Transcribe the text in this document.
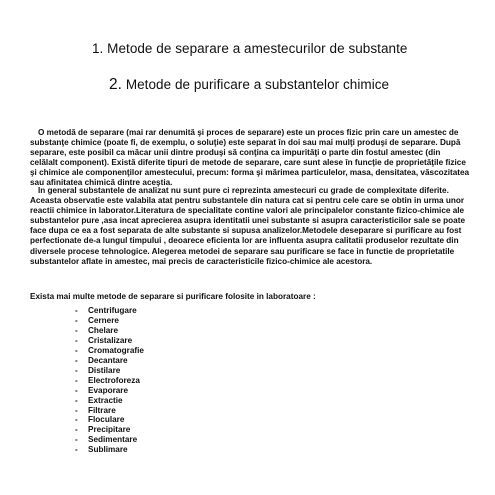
1. Metode de separare a amestecurilor de substante
2. Metode de purificare a substantelor chimice

O metodă de separare (mai rar denumită şi proces de separare) este un proces fizic prin care un amestec de substanţe chimice (poate fi, de exemplu, o soluţie) este separat în doi sau mai mulţi produşi de separare. După separare, este posibil ca măcar unii dintre produşi să conţina ca impurităţi o parte din fostul amestec (din celălalt component). Există diferite tipuri de metode de separare, care sunt alese în funcţie de proprietăţile fizice şi chimice ale componenţilor amestecului, precum: forma şi mărimea particulelor, masa, densitatea, văscozitatea sau afinitatea chimică dintre aceştia.

In general substantele de analizat nu sunt pure ci reprezinta amestecuri cu grade de complexitate diferite. Aceasta observatie este valabila atat pentru substantele din natura cat si pentru cele care se obtin in urma unor reactii chimice in laborator.Literatura de specialitate contine valori ale principalelor constante fizico-chimice ale substantelor pure ,asa incat aprecierea asupra identitatii unei substante si asupra caracteristicilor sale se poate face dupa ce ea a fost separata de alte substante si supusa analizelor.Metodele deseparare si purificare au fost perfectionate de-a lungul timpului , deoarece eficienta lor are influenta asupra calitatii produselor rezultate din diversele procese tehnologice. Alegerea metodei de separare sau purificare se face in functie de proprietatile substantelor aflate in amestec, mai precis de caracteristicile fizico-chimice ale acestora.

Exista mai multe metode de separare si purificare folosite in laboratoare :

- Centrifugare
- Cernere
- Chelare
- Cristalizare
- Cromatografie
- Decantare
- Distilare
- Electroforeza
- Evaporare
- Extractie
- Filtrare
- Floculare
- Precipitare
- Sedimentare
- Sublimare
